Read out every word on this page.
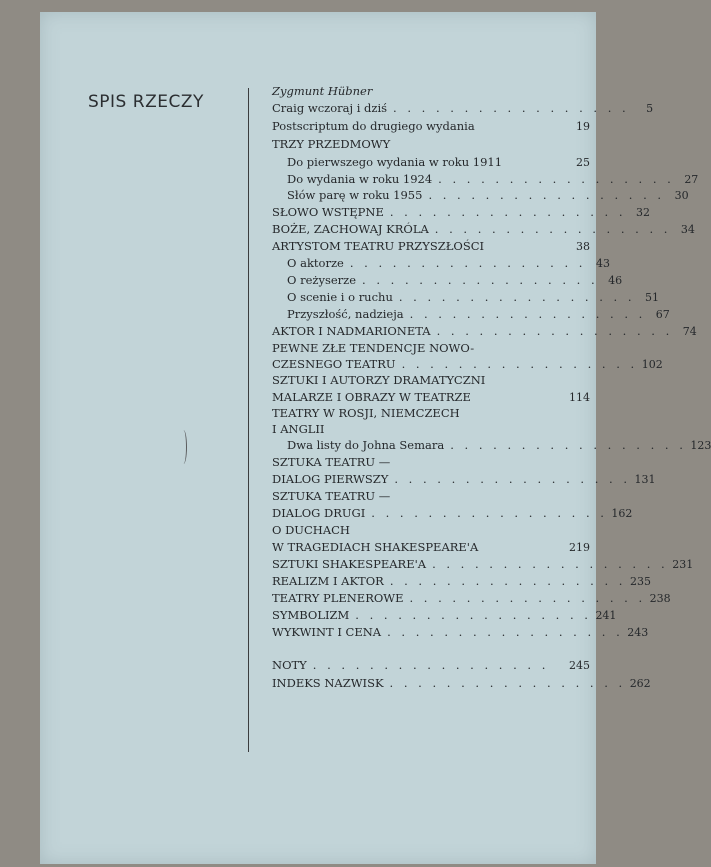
SPIS RZECZY
Zygmunt Hübner
Craig wczoraj i dziś . . . . . . . . . . . . . . . . .	5
Postscriptum do drugiego wydania	19
TRZY PRZEDMOWY
Do pierwszego wydania w roku 1911	25
Do wydania w roku 1924 . . . . . . . . . . . . . . . . . 27
Słów parę w roku 1955 . . . . . . . . . . . . . . . . . 30
SŁOWO WSTĘPNE . . . . . . . . . . . . . . . . . 32
BOŻE, ZACHOWAJ KRÓLA . . . . . . . . . . . . . . . . . 34
ARTYSTOM TEATRU PRZYSZŁOŚCI	38
O aktorze . . . . . . . . . . . . . . . . . 43
O reżyserze . . . . . . . . . . . . . . . . . 46
O scenie i o ruchu . . . . . . . . . . . . . . . . . 51
Przyszłość, nadzieja . . . . . . . . . . . . . . . . . 67
AKTOR I NADMARIONETA . . . . . . . . . . . . . . . . . 74
PEWNE ZŁE TENDENCJE NOWO-
CZESNEGO TEATRU . . . . . . . . . . . . . . . . . 102
SZTUKI I AUTORZY DRAMATYCZNI
MALARZE I OBRAZY W TEATRZE	114
TEATRY W ROSJI, NIEMCZECH
I ANGLII
Dwa listy do Johna Semara . . . . . . . . . . . . . . . . . 123
SZTUKA TEATRU —
DIALOG PIERWSZY . . . . . . . . . . . . . . . . . 131
SZTUKA TEATRU —
DIALOG DRUGI . . . . . . . . . . . . . . . . . 162
O DUCHACH
W TRAGEDIACH SHAKESPEARE'A	219
SZTUKI SHAKESPEARE'A . . . . . . . . . . . . . . . . . 231
REALIZM I AKTOR . . . . . . . . . . . . . . . . . 235
TEATRY PLENEROWE . . . . . . . . . . . . . . . . . 238
SYMBOLIZM . . . . . . . . . . . . . . . . . 241
WYKWINT I CENA . . . . . . . . . . . . . . . . . 243
NOTY . . . . . . . . . . . . . . . . .	245
INDEKS NAZWISK . . . . . . . . . . . . . . . . . 262
